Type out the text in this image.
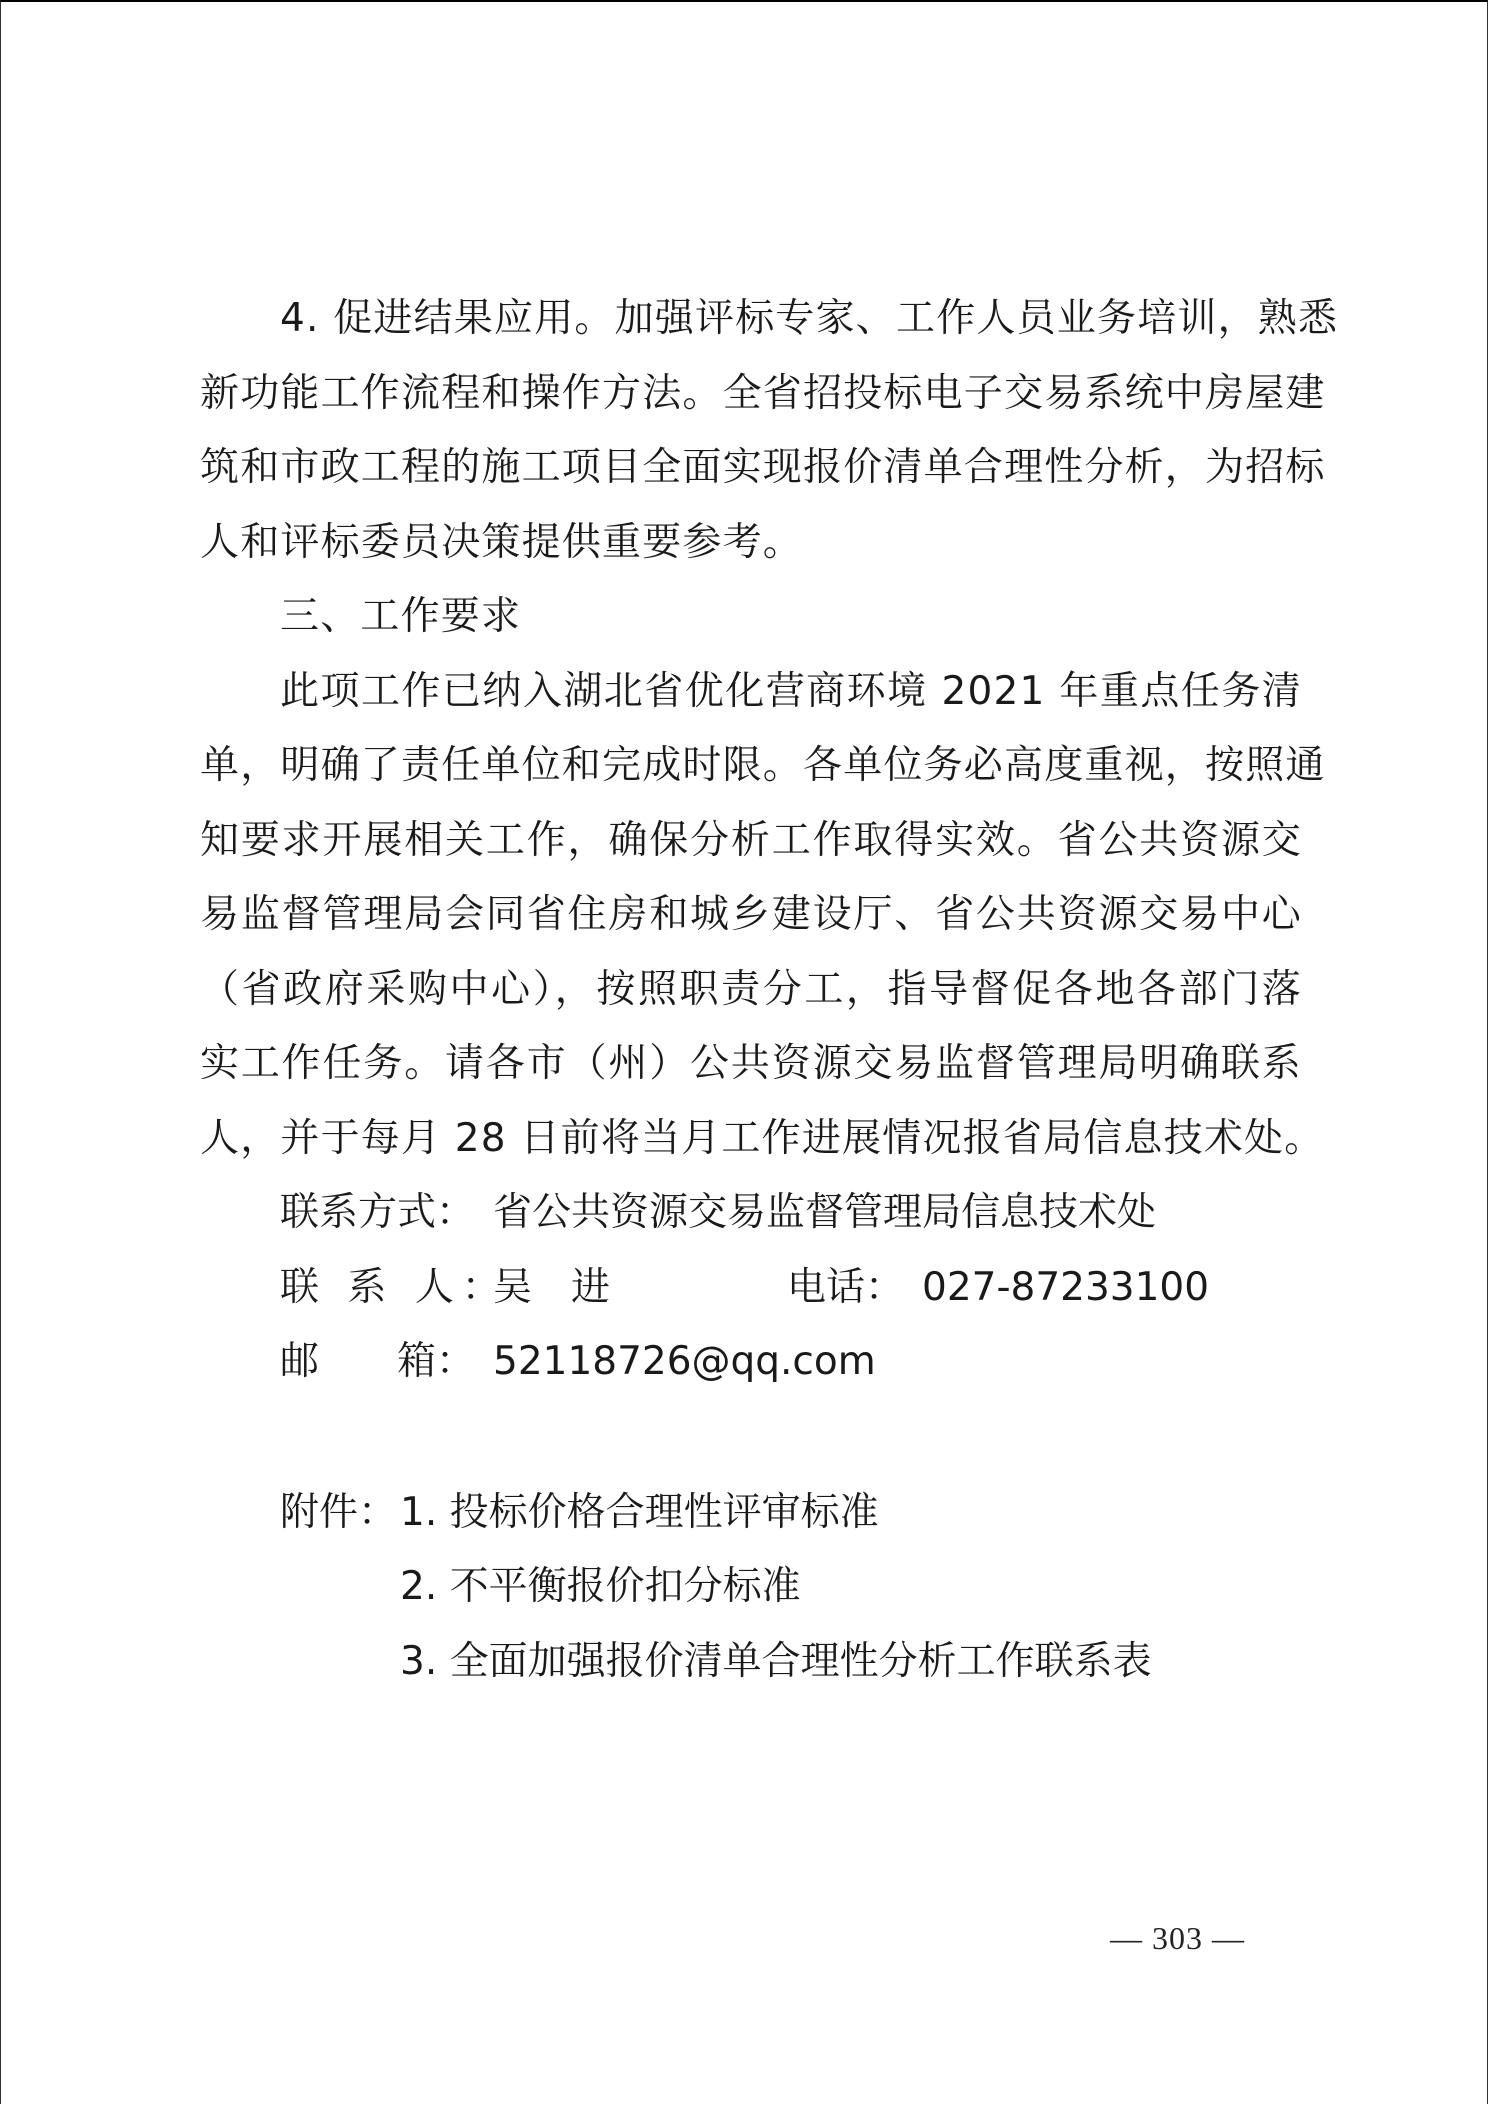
4. 促进结果应用。加强评标专家、工作人员业务培训，熟悉
新功能工作流程和操作方法。全省招投标电子交易系统中房屋建
筑和市政工程的施工项目全面实现报价清单合理性分析，为招标
人和评标委员决策提供重要参考。
三、工作要求
此项工作已纳入湖北省优化营商环境 2021 年重点任务清
单，明确了责任单位和完成时限。各单位务必高度重视，按照通
知要求开展相关工作，确保分析工作取得实效。省公共资源交
易监督管理局会同省住房和城乡建设厅、省公共资源交易中心
（省政府采购中心），按照职责分工，指导督促各地各部门落
实工作任务。请各市（州）公共资源交易监督管理局明确联系
人，并于每月 28 日前将当月工作进展情况报省局信息技术处。
联系方式： 省公共资源交易监督管理局信息技术处
联 系 人：
吴　进	电话： 027-87233100
邮　　箱： 52118726@qq.com
附件： 1. 投标价格合理性评审标准
2. 不平衡报价扣分标准
3. 全面加强报价清单合理性分析工作联系表
— 303 —
